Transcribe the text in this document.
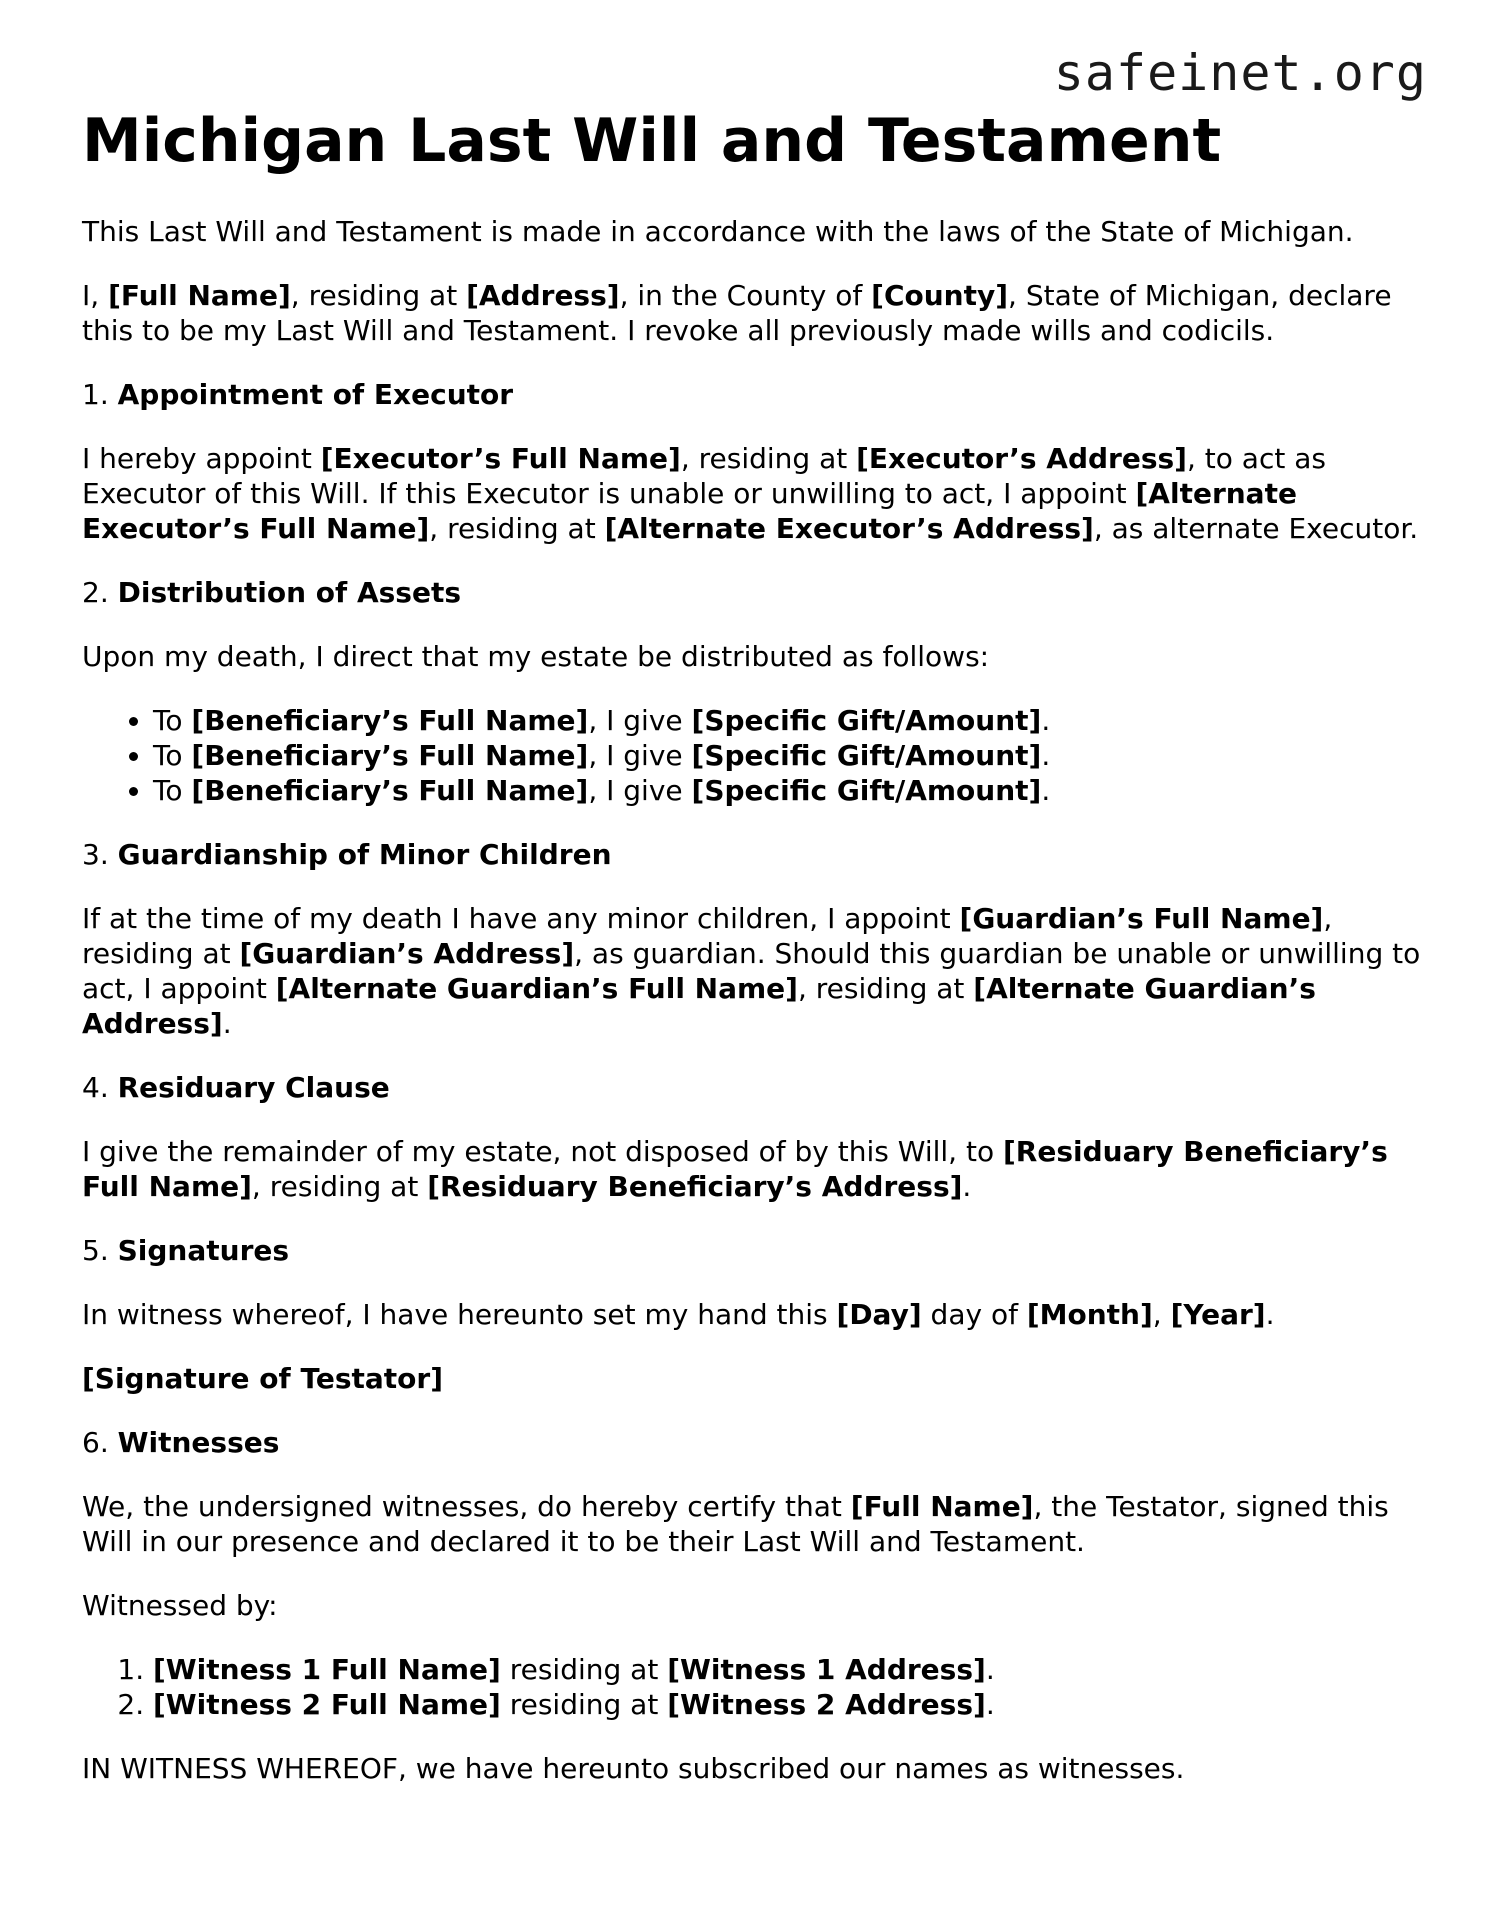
safeinet.org
Michigan Last Will and Testament

This Last Will and Testament is made in accordance with the laws of the State of Michigan.

I, [Full Name], residing at [Address], in the County of [County], State of Michigan, declare this to be my Last Will and Testament. I revoke all previously made wills and codicils.

1. Appointment of Executor

I hereby appoint [Executor’s Full Name], residing at [Executor’s Address], to act as Executor of this Will. If this Executor is unable or unwilling to act, I appoint [Alternate Executor’s Full Name], residing at [Alternate Executor’s Address], as alternate Executor.

2. Distribution of Assets

Upon my death, I direct that my estate be distributed as follows:

• To [Beneficiary’s Full Name], I give [Specific Gift/Amount].
• To [Beneficiary’s Full Name], I give [Specific Gift/Amount].
• To [Beneficiary’s Full Name], I give [Specific Gift/Amount].

3. Guardianship of Minor Children

If at the time of my death I have any minor children, I appoint [Guardian’s Full Name], residing at [Guardian’s Address], as guardian. Should this guardian be unable or unwilling to act, I appoint [Alternate Guardian’s Full Name], residing at [Alternate Guardian’s Address].

4. Residuary Clause

I give the remainder of my estate, not disposed of by this Will, to [Residuary Beneficiary’s Full Name], residing at [Residuary Beneficiary’s Address].

5. Signatures

In witness whereof, I have hereunto set my hand this [Day] day of [Month], [Year].

[Signature of Testator]

6. Witnesses

We, the undersigned witnesses, do hereby certify that [Full Name], the Testator, signed this Will in our presence and declared it to be their Last Will and Testament.

Witnessed by:

1. [Witness 1 Full Name] residing at [Witness 1 Address].
2. [Witness 2 Full Name] residing at [Witness 2 Address].

IN WITNESS WHEREOF, we have hereunto subscribed our names as witnesses.
